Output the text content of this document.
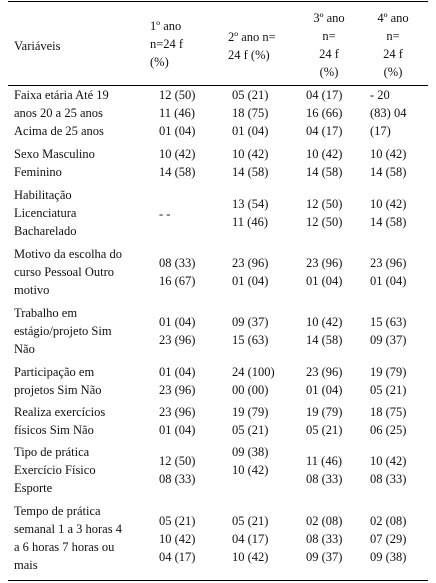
Variáveis
1º ano
n=24 f
(%)
2º ano n=
24 f (%)
3º ano
n=
24 f
(%)
4º ano
n=
24 f
(%)
Faixa etária Até 19
anos 20 a 25 anos
Acima de 25 anos
12 (50)
11 (46)
01 (04)
05 (21)
18 (75)
01 (04)
04 (17)
16 (66)
04 (17)
- 20
(83) 04
(17)
Sexo Masculino
Feminino
10 (42)
14 (58)
10 (42)
14 (58)
10 (42)
14 (58)
10 (42)
14 (58)
Habilitação
Licenciatura
Bacharelado
- -
13 (54)
11 (46)
12 (50)
12 (50)
10 (42)
14 (58)
Motivo da escolha do
curso Pessoal Outro
motivo
08 (33)
16 (67)
23 (96)
01 (04)
23 (96)
01 (04)
23 (96)
01 (04)
Trabalho em
estágio/projeto Sim
Não
01 (04)
23 (96)
09 (37)
15 (63)
10 (42)
14 (58)
15 (63)
09 (37)
Participação em
projetos Sim Não
01 (04)
23 (96)
24 (100)
00 (00)
23 (96)
01 (04)
19 (79)
05 (21)
Realiza exercícios
físicos Sim Não
23 (96)
01 (04)
19 (79)
05 (21)
19 (79)
05 (21)
18 (75)
06 (25)
Tipo de prática
Exercício Físico
Esporte
12 (50)
08 (33)
09 (38)
10 (42)
11 (46)
08 (33)
10 (42)
08 (33)
Tempo de prática
semanal 1 a 3 horas 4
a 6 horas 7 horas ou
mais
05 (21)
10 (42)
04 (17)
05 (21)
04 (17)
10 (42)
02 (08)
08 (33)
09 (37)
02 (08)
07 (29)
09 (38)
